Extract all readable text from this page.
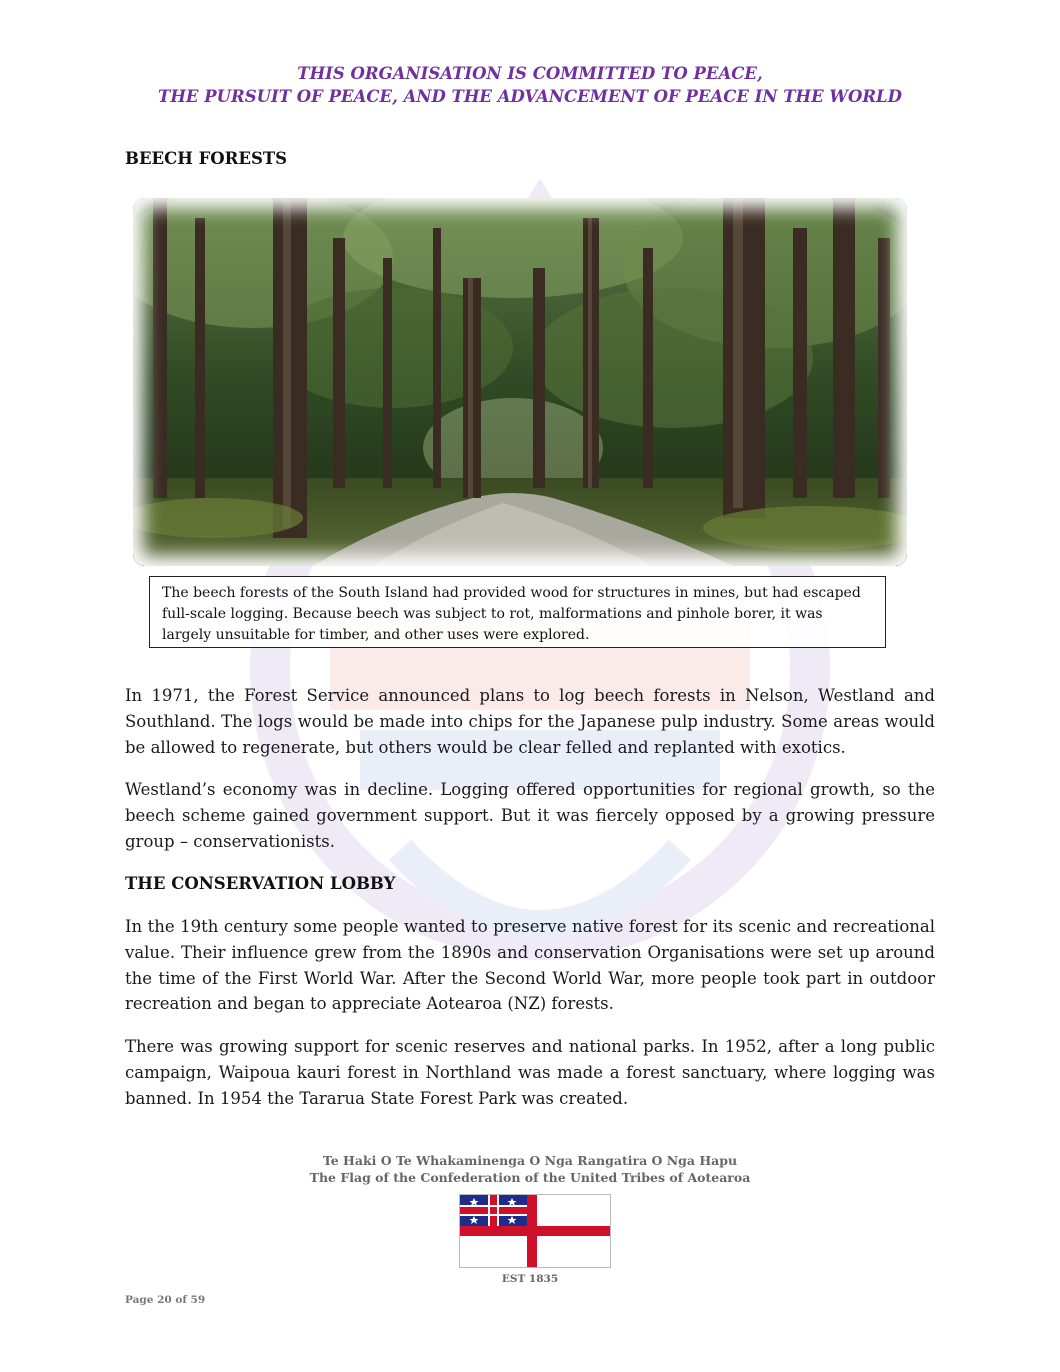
THIS ORGANISATION IS COMMITTED TO PEACE,
THE PURSUIT OF PEACE, AND THE ADVANCEMENT OF PEACE IN THE WORLD
BEECH FORESTS
The beech forests of the South Island had provided wood for structures in mines, but had escaped full-scale logging. Because beech was subject to rot, malformations and pinhole borer, it was largely unsuitable for timber, and other uses were explored.
In 1971, the Forest Service announced plans to log beech forests in Nelson, Westland and Southland. The logs would be made into chips for the Japanese pulp industry. Some areas would be allowed to regenerate, but others would be clear felled and replanted with exotics.
Westland’s economy was in decline. Logging offered opportunities for regional growth, so the beech scheme gained government support. But it was fiercely opposed by a growing pressure group – conservationists.
THE CONSERVATION LOBBY
In the 19th century some people wanted to preserve native forest for its scenic and recreational value. Their influence grew from the 1890s and conservation Organisations were set up around the time of the First World War. After the Second World War, more people took part in outdoor recreation and began to appreciate Aotearoa (NZ) forests.
There was growing support for scenic reserves and national parks. In 1952, after a long public campaign, Waipoua kauri forest in Northland was made a forest sanctuary, where logging was banned. In 1954 the Tararua State Forest Park was created.
Te Haki O Te Whakaminenga O Nga Rangatira O Nga Hapu
The Flag of the Confederation of the United Tribes of Aotearoa
EST 1835
Page 20 of 59
